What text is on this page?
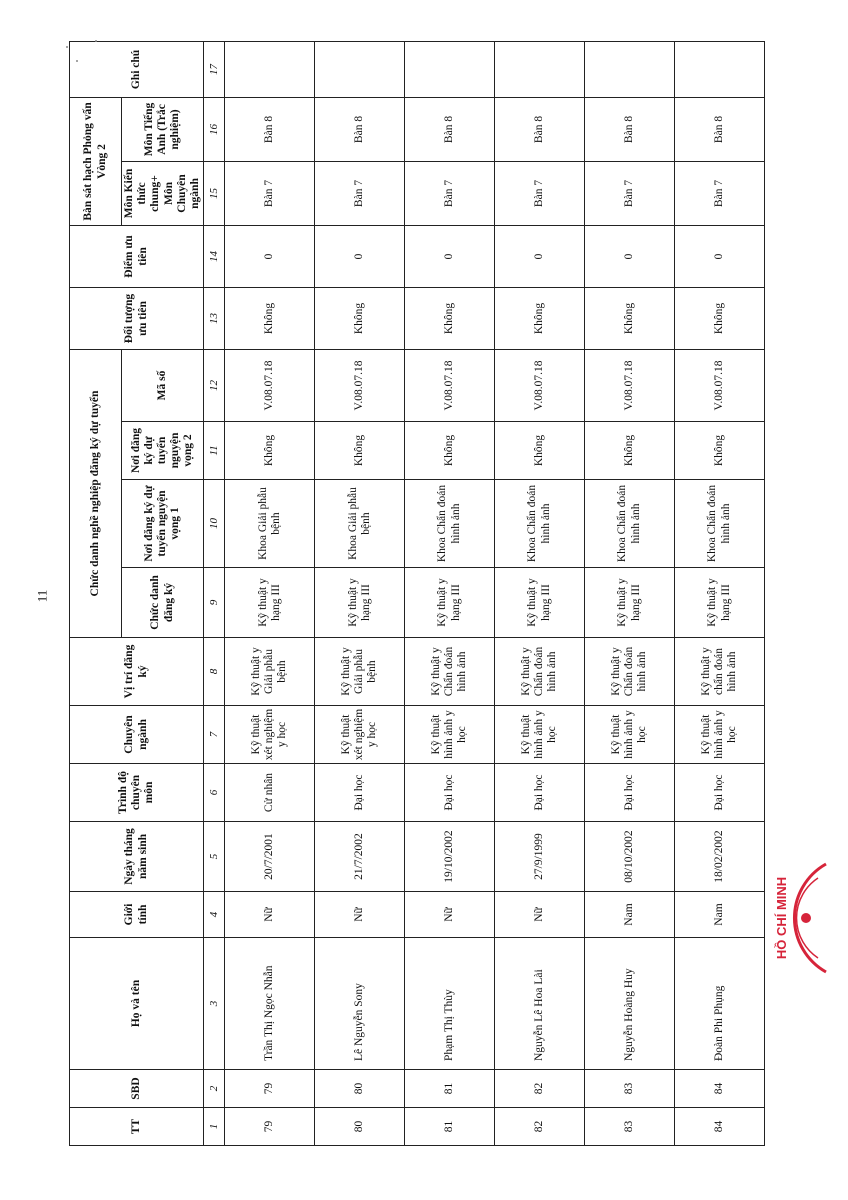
11
TT	SBD	Họ và tên	Giới tính	Ngày tháng năm sinh	Trình độ chuyên môn	Chuyên ngành	Vị trí đăng ký	Chức danh nghề nghiệp đăng ký dự tuyển				Đối tượng ưu tiên	Điểm ưu tiên	Bàn sát hạch Phỏng vấn Vòng 2		Ghi chú
								Chức danh đăng ký	Nơi đăng ký dự tuyển nguyện vọng 1	Nơi đăng ký dự tuyển nguyện vọng 2	Mã số			Môn Kiến thức chung+ Môn Chuyên ngành	Môn Tiếng Anh (Trắc nghiệm)	
1	2	3	4	5	6	7	8	9	10	11	12	13	14	15	16	17
79	79	Trần Thị Ngọc Nhẫn	Nữ	20/7/2001	Cử nhân	Kỹ thuật xét nghiệm y học	Kỹ thuật y Giải phẫu bệnh	Kỹ thuật y hạng III	Khoa Giải phẫu bệnh	Không	V.08.07.18	Không	0	Bàn 7	Bàn 8	
80	80	Lê Nguyễn Sony	Nữ	21/7/2002	Đại học	Kỹ thuật xét nghiệm y học	Kỹ thuật y Giải phẫu bệnh	Kỹ thuật y hạng III	Khoa Giải phẫu bệnh	Không	V.08.07.18	Không	0	Bàn 7	Bàn 8	
81	81	Phạm Thị Thùy	Nữ	19/10/2002	Đại học	Kỹ thuật hình ảnh y học	Kỹ thuật y Chẩn đoán hình ảnh	Kỹ thuật y hạng III	Khoa Chẩn đoán hình ảnh	Không	V.08.07.18	Không	0	Bàn 7	Bàn 8	
82	82	Nguyễn Lê Hoa Lài	Nữ	27/9/1999	Đại học	Kỹ thuật hình ảnh y học	Kỹ thuật y Chẩn đoán hình ảnh	Kỹ thuật y hạng III	Khoa Chẩn đoán hình ảnh	Không	V.08.07.18	Không	0	Bàn 7	Bàn 8	
83	83	Nguyễn Hoàng Huy	Nam	08/10/2002	Đại học	Kỹ thuật hình ảnh y học	Kỹ thuật y Chẩn đoán hình ảnh	Kỹ thuật y hạng III	Khoa Chẩn đoán hình ảnh	Không	V.08.07.18	Không	0	Bàn 7	Bàn 8	
84	84	Đoàn Phi Phụng	Nam	18/02/2002	Đại học	Kỹ thuật hình ảnh y học	Kỹ thuật y chẩn đoán hình ảnh	Kỹ thuật y hạng III	Khoa Chẩn đoán hình ảnh	Không	V.08.07.18	Không	0	Bàn 7	Bàn 8	
HỒ CHÍ MINH
